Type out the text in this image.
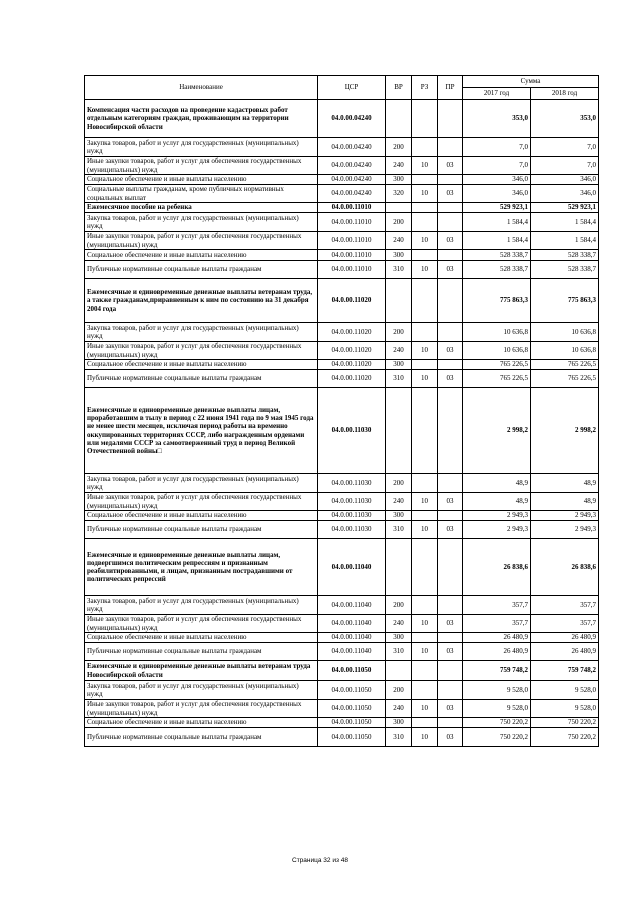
Наименование	ЦСР	ВР	РЗ	ПР	Сумма	
					2017 год	2018 год
Компенсация части расходов на проведение кадастровых работ отдельным категориям граждан, проживающим на территории Новосибирской области	04.0.00.04240				353,0	353,0
Закупка товаров, работ и услуг для государственных (муниципальных) нужд	04.0.00.04240	200			7,0	7,0
Иные закупки товаров, работ и услуг для обеспечения государственных (муниципальных) нужд	04.0.00.04240	240	10	03	7,0	7,0
Социальное обеспечение и иные выплаты населению	04.0.00.04240	300			346,0	346,0
Социальные выплаты гражданам, кроме публичных нормативных социальных выплат	04.0.00.04240	320	10	03	346,0	346,0
Ежемесячное пособие на ребенка	04.0.00.11010				529 923,1	529 923,1
Закупка товаров, работ и услуг для государственных (муниципальных) нужд	04.0.00.11010	200			1 584,4	1 584,4
Иные закупки товаров, работ и услуг для обеспечения государственных (муниципальных) нужд	04.0.00.11010	240	10	03	1 584,4	1 584,4
Социальное обеспечение и иные выплаты населению	04.0.00.11010	300			528 338,7	528 338,7
Публичные нормативные социальные выплаты гражданам	04.0.00.11010	310	10	03	528 338,7	528 338,7
Ежемесячные и единовременные денежные выплаты ветеранам труда, а также гражданам,приравненным к ним по состоянию на 31 декабря 2004 года	04.0.00.11020				775 863,3	775 863,3
Закупка товаров, работ и услуг для государственных (муниципальных) нужд	04.0.00.11020	200			10 636,8	10 636,8
Иные закупки товаров, работ и услуг для обеспечения государственных (муниципальных) нужд	04.0.00.11020	240	10	03	10 636,8	10 636,8
Социальное обеспечение и иные выплаты населению	04.0.00.11020	300			765 226,5	765 226,5
Публичные нормативные социальные выплаты гражданам	04.0.00.11020	310	10	03	765 226,5	765 226,5
Ежемесячные и единовременные денежные выплаты лицам, проработавшим в тылу в период с 22 июня 1941 года по 9 мая 1945 года не менее шести месяцев, исключая период работы на временно оккупированных территориях СССР, либо награжденным орденами или медалями СССР за самоотверженный труд в период Великой Отечественной войны□	04.0.00.11030				2 998,2	2 998,2
Закупка товаров, работ и услуг для государственных (муниципальных) нужд	04.0.00.11030	200			48,9	48,9
Иные закупки товаров, работ и услуг для обеспечения государственных (муниципальных) нужд	04.0.00.11030	240	10	03	48,9	48,9
Социальное обеспечение и иные выплаты населению	04.0.00.11030	300			2 949,3	2 949,3
Публичные нормативные социальные выплаты гражданам	04.0.00.11030	310	10	03	2 949,3	2 949,3
Ежемесячные и единовременные денежные выплаты лицам, подвергшимся политическим репрессиям и признанным реабилитированными, и лицам, признанным пострадавшими от политических репрессий	04.0.00.11040				26 838,6	26 838,6
Закупка товаров, работ и услуг для государственных (муниципальных) нужд	04.0.00.11040	200			357,7	357,7
Иные закупки товаров, работ и услуг для обеспечения государственных (муниципальных) нужд	04.0.00.11040	240	10	03	357,7	357,7
Социальное обеспечение и иные выплаты населению	04.0.00.11040	300			26 480,9	26 480,9
Публичные нормативные социальные выплаты гражданам	04.0.00.11040	310	10	03	26 480,9	26 480,9
Ежемесячные и единовременные денежные выплаты ветеранам труда Новосибирской области	04.0.00.11050				759 748,2	759 748,2
Закупка товаров, работ и услуг для государственных (муниципальных) нужд	04.0.00.11050	200			9 528,0	9 528,0
Иные закупки товаров, работ и услуг для обеспечения государственных (муниципальных) нужд	04.0.00.11050	240	10	03	9 528,0	9 528,0
Социальное обеспечение и иные выплаты населению	04.0.00.11050	300			750 220,2	750 220,2
Публичные нормативные социальные выплаты гражданам	04.0.00.11050	310	10	03	750 220,2	750 220,2
Страница 32 из 48
